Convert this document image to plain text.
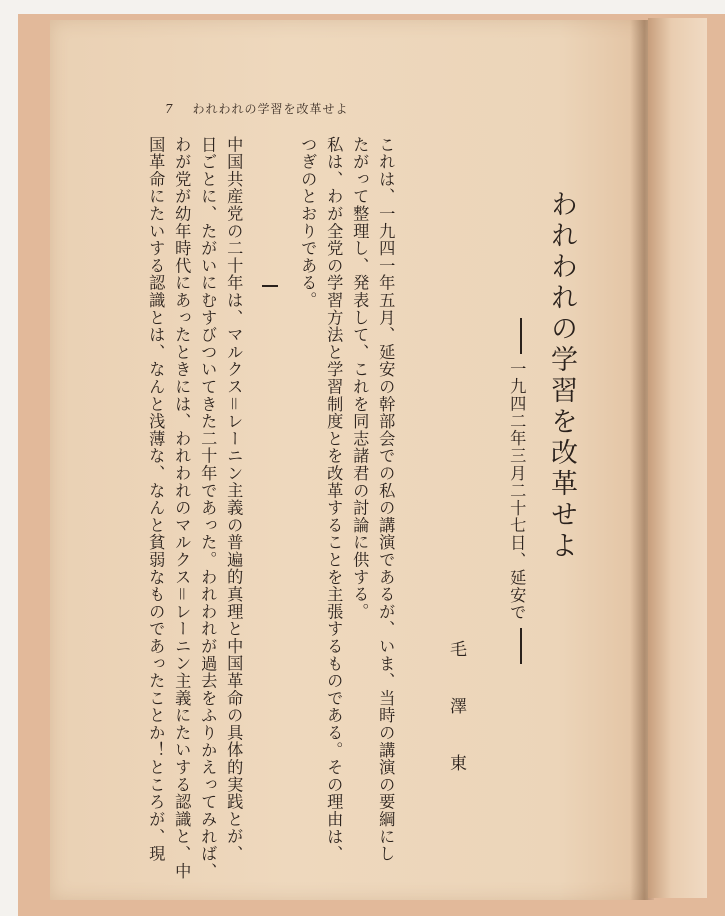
7 われわれの学習を改革せよ
われわれの学習を改革せよ
一九四二年三月二十七日、延安で
毛澤東
これは、一九四一年五月、延安の幹部会での私の講演であるが、いま、当時の講演の要綱にし
たがって整理し、発表して、これを同志諸君の討論に供する。
私は、わが全党の学習方法と学習制度とを改革することを主張するものである。その理由は、
つぎのとおりである。
中国共産党の二十年は、マルクス＝レーニン主義の普遍的真理と中国革命の具体的実践とが、
日ごとに、たがいにむすびついてきた二十年であった。われわれが過去をふりかえってみれば、
わが党が幼年時代にあったときには、われわれのマルクス＝レーニン主義にたいする認識と、中
国革命にたいする認識とは、なんと浅薄な、なんと貧弱なものであったことか！ところが、現
